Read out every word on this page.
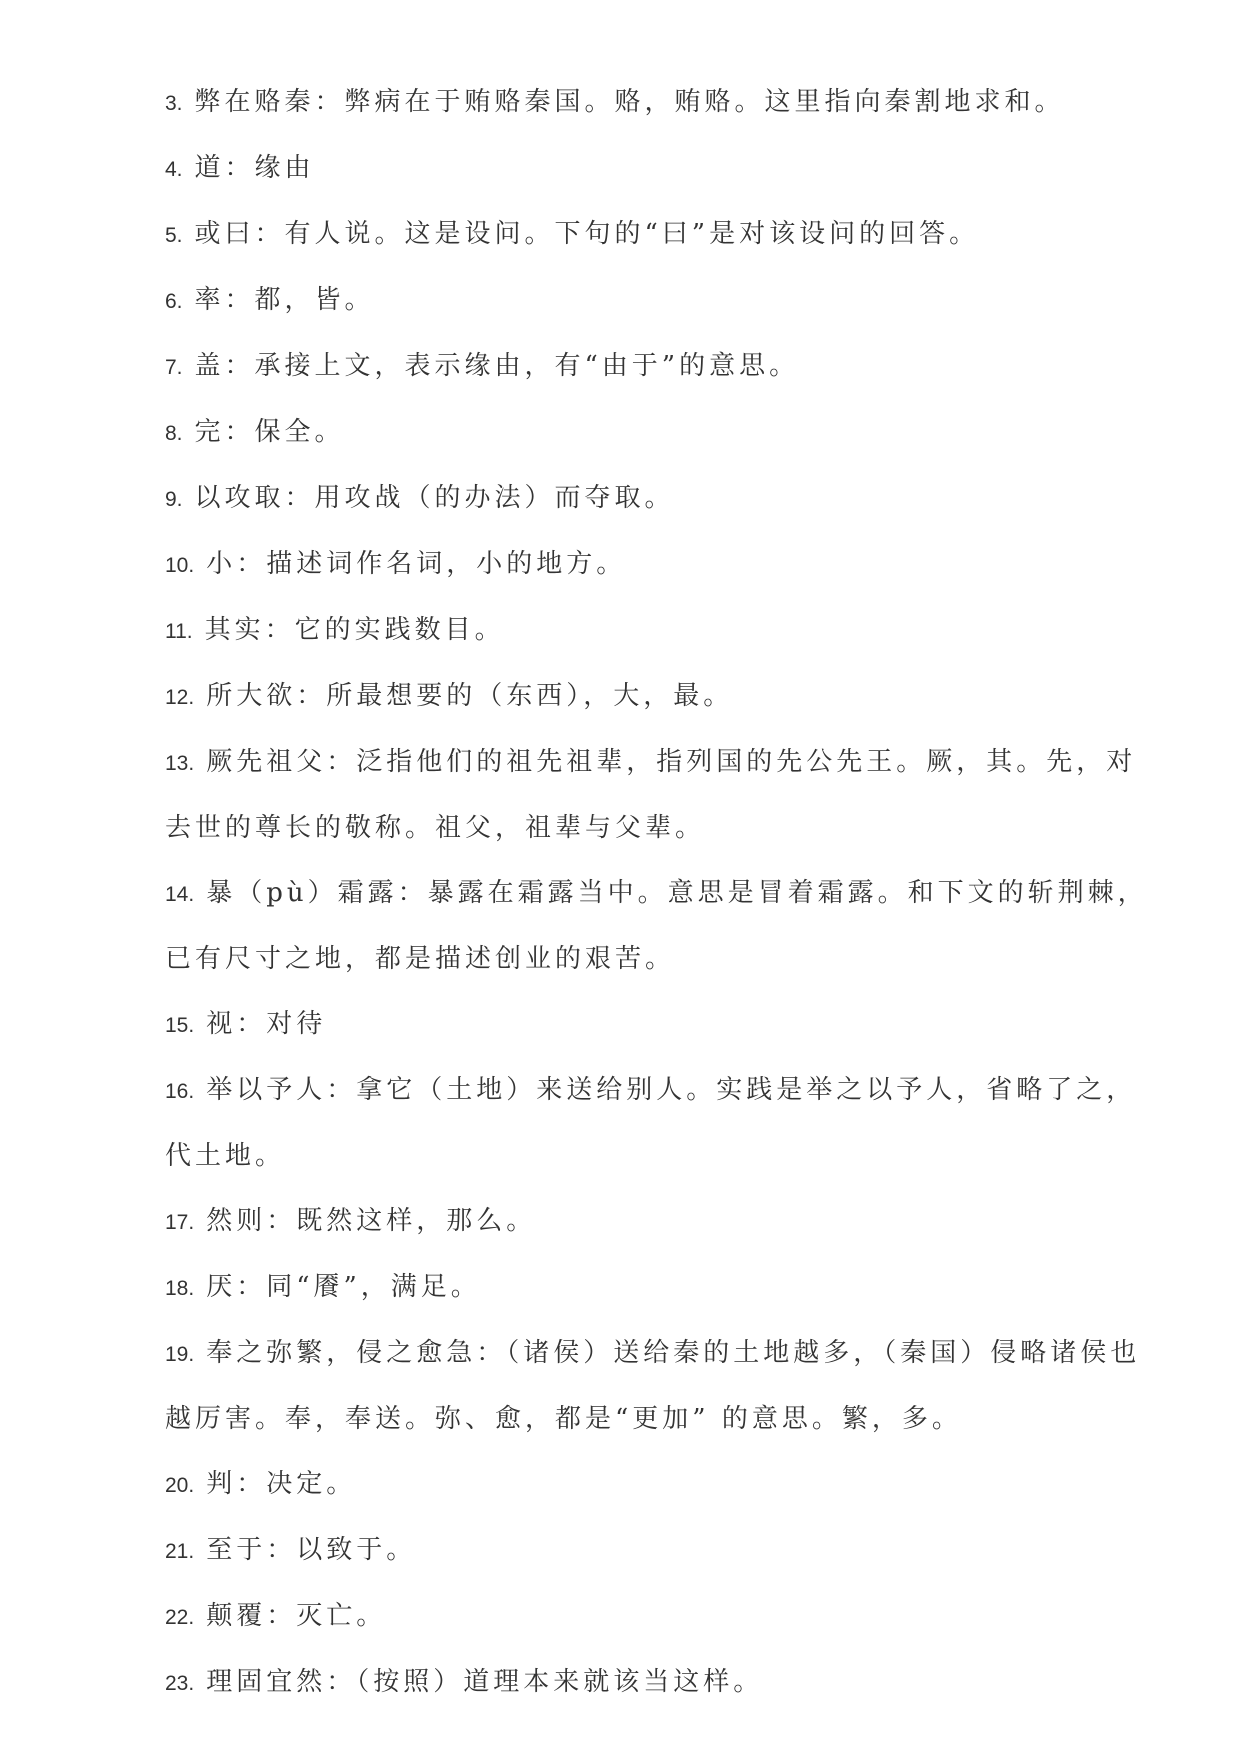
3. 弊在赂秦：弊病在于贿赂秦国。赂，贿赂。这里指向秦割地求和。
4. 道：缘由
5. 或曰：有人说。这是设问。下句的“曰”是对该设问的回答。
6. 率：都，皆。
7. 盖：承接上文，表示缘由，有“由于”的意思。
8. 完：保全。
9. 以攻取：用攻战（的办法）而夺取。
10. 小：描述词作名词，小的地方。
11. 其实：它的实践数目。
12. 所大欲：所最想要的（东西），大，最。
13. 厥先祖父：泛指他们的祖先祖辈，指列国的先公先王。厥，其。先，对去世的尊长的敬称。祖父，祖辈与父辈。
14. 暴（pù）霜露：暴露在霜露当中。意思是冒着霜露。和下文的斩荆棘，已有尺寸之地，都是描述创业的艰苦。
15. 视：对待
16. 举以予人：拿它（土地）来送给别人。实践是举之以予人，省略了之，代土地。
17. 然则：既然这样，那么。
18. 厌：同“餍”，满足。
19. 奉之弥繁，侵之愈急：（诸侯）送给秦的土地越多，（秦国）侵略诸侯也越厉害。奉，奉送。弥、愈，都是“更加” 的意思。繁，多。
20. 判：决定。
21. 至于：以致于。
22. 颠覆：灭亡。
23. 理固宜然：（按照）道理本来就该当这样。
